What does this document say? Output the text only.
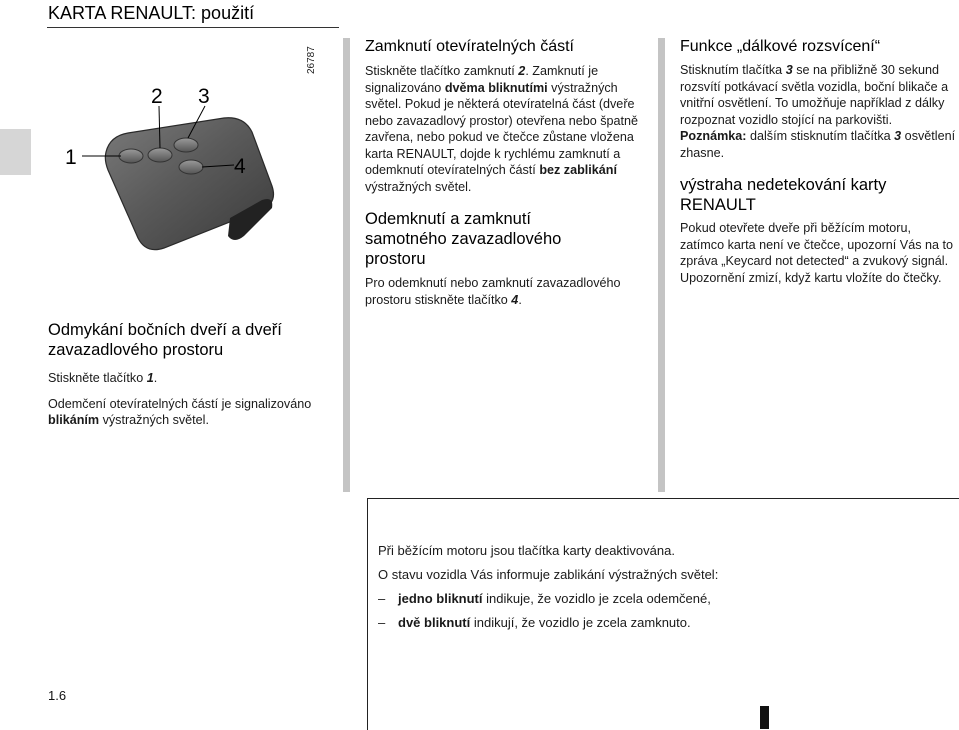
KARTA RENAULT: použití
1
2 3
4
26787
Odmykání bočních dveří a dveří zavazadlového prostoru

Stiskněte tlačítko 1.

Odemčení otevíratelných částí je signalizováno blikáním výstražných světel.

Zamknutí otevíratelných částí

Stiskněte tlačítko zamknutí 2. Zamknutí je signalizováno dvěma bliknutími výstražných světel. Pokud je některá otevíratelná část (dveře nebo zavazadlový prostor) otevřena nebo špatně zavřena, nebo pokud ve čtečce zůstane vložena karta RENAULT, dojde k rychlému zamknutí a odemknutí otevíratelných částí bez zablikání výstražných světel.

Odemknutí a zamknutí samotného zavazadlového prostoru

Pro odemknutí nebo zamknutí zavazadlového prostoru stiskněte tlačítko 4.

Funkce „dálkové rozsvícení“

Stisknutím tlačítka 3 se na přibližně 30 sekund rozsvítí potkávací světla vozidla, boční blikače a vnitřní osvětlení. To umožňuje například z dálky rozpoznat vozidlo stojící na parkovišti.

Poznámka: dalším stisknutím tlačítka 3 osvětlení zhasne.

výstraha nedetekování karty RENAULT

Pokud otevřete dveře při běžícím motoru, zatímco karta není ve čtečce, upozorní Vás na to zpráva „Keycard not detected“ a zvukový signál. Upozornění zmizí, když kartu vložíte do čtečky.

Při běžícím motoru jsou tlačítka karty deaktivována.

O stavu vozidla Vás informuje zablikání výstražných světel:

– jedno bliknutí indikuje, že vozidlo je zcela odemčené,

– dvě bliknutí indikují, že vozidlo je zcela zamknuto.

1.6
